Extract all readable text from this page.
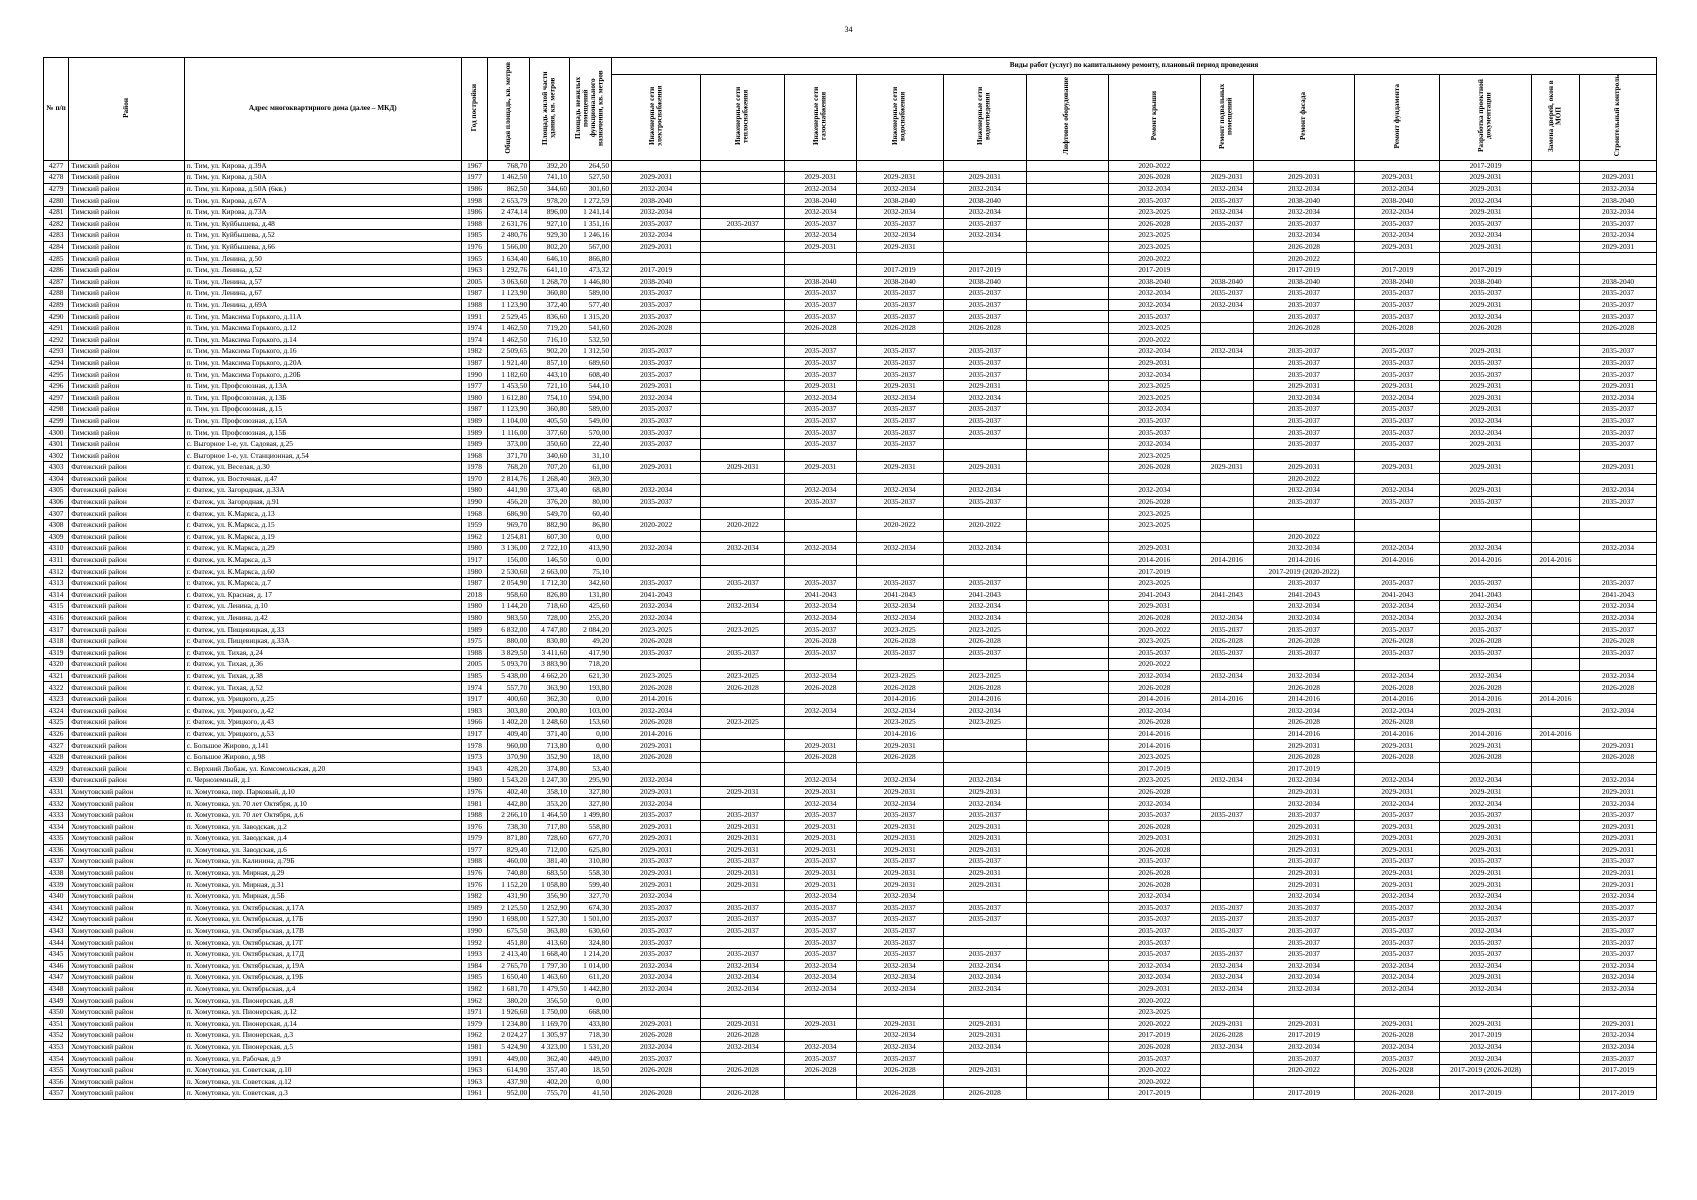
34
№ п/п	Район	Адрес многоквартирного дома (далее – МКД)	Год постройки	Общая площадь, кв. метров	Площадь жилой части здания, кв. метров	Площадь нежилых помещений функционального назначения, кв. метров	Виды работ (услуг) по капитальному ремонту, плановый период проведения												
							Инженерные сети электроснабжения	Инженерные сети теплоснабжения	Инженерные сети газоснабжения	Инженерные сети водоснабжения	Инженерные сети водоотведения	Лифтовое оборудование	Ремонт крыши	Ремонт подвальных помещений	Ремонт фасада	Ремонт фундамента	Разработка проектной документации	Замена дверей, окон в МОП	Строительный контроль
4277	Тимский район	п. Тим, ул. Кирова, д.39А	1967	768,70	392,20	264,50							2020-2022				2017-2019		
4278	Тимский район	п. Тим, ул. Кирова, д.50А	1977	1 462,50	741,10	527,50	2029-2031		2029-2031	2029-2031	2029-2031		2026-2028	2029-2031	2029-2031	2029-2031	2029-2031		2029-2031
4279	Тимский район	п. Тим, ул. Кирова, д.50А (6кв.)	1986	862,50	344,60	301,60	2032-2034		2032-2034	2032-2034	2032-2034		2032-2034	2032-2034	2032-2034	2032-2034	2029-2031		2032-2034
4280	Тимский район	п. Тим, ул. Кирова, д.67А	1998	2 653,79	978,20	1 272,59	2038-2040		2038-2040	2038-2040	2038-2040		2035-2037	2035-2037	2038-2040	2038-2040	2032-2034		2038-2040
4281	Тимский район	п. Тим, ул. Кирова, д.73А	1986	2 474,14	896,00	1 241,14	2032-2034		2032-2034	2032-2034	2032-2034		2023-2025	2032-2034	2032-2034	2032-2034	2029-2031		2032-2034
4282	Тимский район	п. Тим, ул. Куйбышева, д.48	1988	2 631,76	927,10	1 351,16	2035-2037	2035-2037	2035-2037	2035-2037	2035-2037		2026-2028	2035-2037	2035-2037	2035-2037	2035-2037		2035-2037
4283	Тимский район	п. Тим, ул. Куйбышева, д.52	1985	2 480,76	929,30	1 246,16	2032-2034		2032-2034	2032-2034	2032-2034		2023-2025		2032-2034	2032-2034	2032-2034		2032-2034
4284	Тимский район	п. Тим, ул. Куйбышева, д.66	1976	1 566,00	802,20	567,00	2029-2031		2029-2031	2029-2031			2023-2025		2026-2028	2029-2031	2029-2031		2029-2031
4285	Тимский район	п. Тим, ул. Ленина, д.50	1965	1 634,40	646,10	866,80							2020-2022		2020-2022				
4286	Тимский район	п. Тим, ул. Ленина, д.52	1963	1 292,76	641,10	473,32	2017-2019			2017-2019	2017-2019		2017-2019		2017-2019	2017-2019	2017-2019		
4287	Тимский район	п. Тим, ул. Ленина, д.57	2005	3 063,60	1 268,70	1 446,80	2038-2040		2038-2040	2038-2040	2038-2040		2038-2040	2038-2040	2038-2040	2038-2040	2038-2040		2038-2040
4288	Тимский район	п. Тим, ул. Ленина, д.67	1987	1 123,90	360,80	589,00	2035-2037		2035-2037	2035-2037	2035-2037		2032-2034	2035-2037	2035-2037	2035-2037	2035-2037		2035-2037
4289	Тимский район	п. Тим, ул. Ленина, д.69А	1988	1 123,90	372,40	577,40	2035-2037		2035-2037	2035-2037	2035-2037		2032-2034	2032-2034	2035-2037	2035-2037	2029-2031		2035-2037
4290	Тимский район	п. Тим, ул. Максима Горького, д.11А	1991	2 529,45	836,60	1 315,20	2035-2037		2035-2037	2035-2037	2035-2037		2035-2037		2035-2037	2035-2037	2032-2034		2035-2037
4291	Тимский район	п. Тим, ул. Максима Горького, д.12	1974	1 462,50	719,20	541,60	2026-2028		2026-2028	2026-2028	2026-2028		2023-2025		2026-2028	2026-2028	2026-2028		2026-2028
4292	Тимский район	п. Тим, ул. Максима Горького, д.14	1974	1 462,50	716,10	532,50							2020-2022						
4293	Тимский район	п. Тим, ул. Максима Горького, д.16	1982	2 509,65	902,20	1 312,50	2035-2037		2035-2037	2035-2037	2035-2037		2032-2034	2032-2034	2035-2037	2035-2037	2029-2031		2035-2037
4294	Тимский район	п. Тим, ул. Максима Горького, д.20А	1987	1 921,40	857,10	689,60	2035-2037		2035-2037	2035-2037	2035-2037		2029-2031		2035-2037	2035-2037	2035-2037		2035-2037
4295	Тимский район	п. Тим, ул. Максима Горького, д.20Б	1990	1 182,60	443,10	608,40	2035-2037		2035-2037	2035-2037	2035-2037		2032-2034		2035-2037	2035-2037	2035-2037		2035-2037
4296	Тимский район	п. Тим, ул. Профсоюзная, д.13А	1977	1 453,50	721,10	544,10	2029-2031		2029-2031	2029-2031	2029-2031		2023-2025		2029-2031	2029-2031	2029-2031		2029-2031
4297	Тимский район	п. Тим, ул. Профсоюзная, д.13Б	1980	1 612,80	754,10	594,00	2032-2034		2032-2034	2032-2034	2032-2034		2023-2025		2032-2034	2032-2034	2029-2031		2032-2034
4298	Тимский район	п. Тим, ул. Профсоюзная, д.15	1987	1 123,90	360,80	589,00	2035-2037		2035-2037	2035-2037	2035-2037		2032-2034		2035-2037	2035-2037	2029-2031		2035-2037
4299	Тимский район	п. Тим, ул. Профсоюзная, д.15А	1989	1 104,00	405,50	549,00	2035-2037		2035-2037	2035-2037	2035-2037		2035-2037		2035-2037	2035-2037	2032-2034		2035-2037
4300	Тимский район	п. Тим, ул. Профсоюзная, д.15Б	1989	1 116,00	377,60	570,00	2035-2037		2035-2037	2035-2037	2035-2037		2035-2037		2035-2037	2035-2037	2032-2034		2035-2037
4301	Тимский район	с. Выгорное 1-е, ул. Садовая, д.25	1989	373,00	350,60	22,40	2035-2037		2035-2037	2035-2037			2032-2034		2035-2037	2035-2037	2029-2031		2035-2037
4302	Тимский район	с. Выгорное 1-е, ул. Станционная, д.54	1968	371,70	340,60	31,10							2023-2025						
4303	Фатежский район	г. Фатеж, ул. Веселая, д.30	1978	768,20	707,20	61,00	2029-2031	2029-2031	2029-2031	2029-2031	2029-2031		2026-2028	2029-2031	2029-2031	2029-2031	2029-2031		2029-2031
4304	Фатежский район	г. Фатеж, ул. Восточная, д.47	1970	2 814,76	1 268,40	369,30									2020-2022				
4305	Фатежский район	г. Фатеж, ул. Загородная, д.33А	1980	441,90	373,40	68,80	2032-2034		2032-2034	2032-2034	2032-2034		2032-2034		2032-2034	2032-2034	2029-2031		2032-2034
4306	Фатежский район	г. Фатеж, ул. Загородная, д.91	1990	456,20	376,20	80,00	2035-2037		2035-2037	2035-2037	2035-2037		2026-2028		2035-2037	2035-2037	2035-2037		2035-2037
4307	Фатежский район	г. Фатеж, ул. К.Маркса, д.13	1968	686,90	549,70	60,40							2023-2025						
4308	Фатежский район	г. Фатеж, ул. К.Маркса, д.15	1959	969,70	882,90	86,80	2020-2022	2020-2022		2020-2022	2020-2022		2023-2025						
4309	Фатежский район	г. Фатеж, ул. К.Маркса, д.19	1962	1 254,81	607,30	0,00									2020-2022				
4310	Фатежский район	г. Фатеж, ул. К.Маркса, д.29	1980	3 136,00	2 722,10	413,90	2032-2034	2032-2034	2032-2034	2032-2034	2032-2034		2029-2031		2032-2034	2032-2034	2032-2034		2032-2034
4311	Фатежский район	г. Фатеж, ул. К.Маркса, д.3	1917	156,00	146,50	0,00							2014-2016	2014-2016	2014-2016	2014-2016	2014-2016	2014-2016	
4312	Фатежский район	г. Фатеж, ул. К.Маркса, д.60	1980	2 530,60	2 663,00	75,10							2017-2019		2017-2019 (2020-2022)				
4313	Фатежский район	г. Фатеж, ул. К.Маркса, д.7	1987	2 054,90	1 712,30	342,60	2035-2037	2035-2037	2035-2037	2035-2037	2035-2037		2023-2025		2035-2037	2035-2037	2035-2037		2035-2037
4314	Фатежский район	г. Фатеж, ул. Красная, д. 17	2018	958,60	826,80	131,80	2041-2043		2041-2043	2041-2043	2041-2043		2041-2043	2041-2043	2041-2043	2041-2043	2041-2043		2041-2043
4315	Фатежский район	г. Фатеж, ул. Ленина, д.10	1980	1 144,20	718,60	425,60	2032-2034	2032-2034	2032-2034	2032-2034	2032-2034		2029-2031		2032-2034	2032-2034	2032-2034		2032-2034
4316	Фатежский район	г. Фатеж, ул. Ленина, д.42	1980	983,50	728,00	255,20	2032-2034		2032-2034	2032-2034	2032-2034		2026-2028	2032-2034	2032-2034	2032-2034	2032-2034		2032-2034
4317	Фатежский район	г. Фатеж, ул. Пищевицкая, д.33	1989	6 832,00	4 747,80	2 084,20	2023-2025	2023-2025	2035-2037	2023-2025	2023-2025		2020-2022	2035-2037	2035-2037	2035-2037	2035-2037		2035-2037
4318	Фатежский район	г. Фатеж, ул. Пищевицкая, д.33А	1975	880,00	830,80	49,20	2026-2028		2026-2028	2026-2028	2026-2028		2023-2025	2026-2028	2026-2028	2026-2028	2026-2028		2026-2028
4319	Фатежский район	г. Фатеж, ул. Тихая, д.24	1988	3 829,50	3 411,60	417,90	2035-2037	2035-2037	2035-2037	2035-2037	2035-2037		2035-2037	2035-2037	2035-2037	2035-2037	2035-2037		2035-2037
4320	Фатежский район	г. Фатеж, ул. Тихая, д.36	2005	5 093,70	3 883,90	718,20							2020-2022						
4321	Фатежский район	г. Фатеж, ул. Тихая, д.38	1985	5 438,00	4 662,20	621,30	2023-2025	2023-2025	2032-2034	2023-2025	2023-2025		2032-2034	2032-2034	2032-2034	2032-2034	2032-2034		2032-2034
4322	Фатежский район	г. Фатеж, ул. Тихая, д.52	1974	557,70	363,90	193,80	2026-2028	2026-2028	2026-2028	2026-2028	2026-2028		2026-2028		2026-2028	2026-2028	2026-2028		2026-2028
4323	Фатежский район	г. Фатеж, ул. Урицкого, д.25	1917	400,60	362,30	0,00	2014-2016			2014-2016	2014-2016		2014-2016	2014-2016	2014-2016	2014-2016	2014-2016	2014-2016	
4324	Фатежский район	г. Фатеж, ул. Урицкого, д.42	1983	303,80	200,80	103,00	2032-2034		2032-2034	2032-2034	2032-2034		2032-2034		2032-2034	2032-2034	2029-2031		2032-2034
4325	Фатежский район	г. Фатеж, ул. Урицкого, д.43	1966	1 402,20	1 248,60	153,60	2026-2028	2023-2025		2023-2025	2023-2025		2026-2028		2026-2028	2026-2028			
4326	Фатежский район	г. Фатеж, ул. Урицкого, д.53	1917	409,40	371,40	0,00	2014-2016			2014-2016			2014-2016		2014-2016	2014-2016	2014-2016	2014-2016	
4327	Фатежский район	с. Большое Жирово, д.141	1978	960,00	713,80	0,00	2029-2031		2029-2031	2029-2031			2014-2016		2029-2031	2029-2031	2029-2031		2029-2031
4328	Фатежский район	с. Большое Жирово, д.98	1973	370,90	352,90	18,00	2026-2028		2026-2028	2026-2028			2023-2025		2026-2028	2026-2028	2026-2028		2026-2028
4329	Фатежский район	с. Верхний Любаж, ул. Комсомольская, д.20	1943	428,20	374,80	53,40							2017-2019		2017-2019				
4330	Фатежский район	п. Черноземный, д.1	1980	1 543,20	1 247,30	295,90	2032-2034		2032-2034	2032-2034	2032-2034		2023-2025	2032-2034	2032-2034	2032-2034	2032-2034		2032-2034
4331	Хомутовский район	п. Хомутовка, пер. Парковый, д.10	1976	402,40	358,10	327,80	2029-2031	2029-2031	2029-2031	2029-2031	2029-2031		2026-2028		2029-2031	2029-2031	2029-2031		2029-2031
4332	Хомутовский район	п. Хомутовка, ул. 70 лет Октября, д.10	1981	442,80	353,20	327,80	2032-2034		2032-2034	2032-2034	2032-2034		2032-2034		2032-2034	2032-2034	2032-2034		2032-2034
4333	Хомутовский район	п. Хомутовка, ул. 70 лет Октября, д.6	1988	2 266,10	1 464,50	1 499,80	2035-2037	2035-2037	2035-2037	2035-2037	2035-2037		2035-2037	2035-2037	2035-2037	2035-2037	2035-2037		2035-2037
4334	Хомутовский район	п. Хомутовка, ул. Заводская, д.2	1976	738,30	717,80	558,80	2029-2031	2029-2031	2029-2031	2029-2031	2029-2031		2026-2028		2029-2031	2029-2031	2029-2031		2029-2031
4335	Хомутовский район	п. Хомутовка, ул. Заводская, д.4	1979	871,80	728,60	677,70	2029-2031	2029-2031	2029-2031	2029-2031	2029-2031		2029-2031		2029-2031	2029-2031	2029-2031		2029-2031
4336	Хомутовский район	п. Хомутовка, ул. Заводская, д.6	1977	829,40	712,00	625,80	2029-2031	2029-2031	2029-2031	2029-2031	2029-2031		2026-2028		2029-2031	2029-2031	2029-2031		2029-2031
4337	Хомутовский район	п. Хомутовка, ул. Калинина, д.79Б	1988	460,00	381,40	310,80	2035-2037	2035-2037	2035-2037	2035-2037	2035-2037		2035-2037		2035-2037	2035-2037	2035-2037		2035-2037
4338	Хомутовский район	п. Хомутовка, ул. Мирная, д.29	1976	740,80	683,50	558,30	2029-2031	2029-2031	2029-2031	2029-2031	2029-2031		2026-2028		2029-2031	2029-2031	2029-2031		2029-2031
4339	Хомутовский район	п. Хомутовка, ул. Мирная, д.31	1976	1 152,20	1 058,80	599,40	2029-2031	2029-2031	2029-2031	2029-2031	2029-2031		2026-2028		2029-2031	2029-2031	2029-2031		2029-2031
4340	Хомутовский район	п. Хомутовка, ул. Мирная, д.5Б	1982	431,90	356,90	327,70	2032-2034		2032-2034	2032-2034			2032-2034		2032-2034	2032-2034	2032-2034		2032-2034
4341	Хомутовский район	п. Хомутовка, ул. Октябрьская, д.17А	1989	2 125,50	1 252,90	674,30	2035-2037	2035-2037	2035-2037	2035-2037	2035-2037		2035-2037	2035-2037	2035-2037	2035-2037	2032-2034		2035-2037
4342	Хомутовский район	п. Хомутовка, ул. Октябрьская, д.17Б	1990	1 698,00	1 527,30	1 501,00	2035-2037	2035-2037	2035-2037	2035-2037	2035-2037		2035-2037	2035-2037	2035-2037	2035-2037	2035-2037		2035-2037
4343	Хомутовский район	п. Хомутовка, ул. Октябрьская, д.17В	1990	675,50	363,80	630,60	2035-2037	2035-2037	2035-2037	2035-2037			2035-2037	2035-2037	2035-2037	2035-2037	2032-2034		2035-2037
4344	Хомутовский район	п. Хомутовка, ул. Октябрьская, д.17Г	1992	451,80	413,60	324,80	2035-2037		2035-2037	2035-2037			2035-2037		2035-2037	2035-2037	2035-2037		2035-2037
4345	Хомутовский район	п. Хомутовка, ул. Октябрьская, д.17Д	1993	2 413,40	1 668,40	1 214,20	2035-2037	2035-2037	2035-2037	2035-2037	2035-2037		2035-2037	2035-2037	2035-2037	2035-2037	2035-2037		2035-2037
4346	Хомутовский район	п. Хомутовка, ул. Октябрьская, д.19А	1984	2 765,70	1 797,30	1 014,00	2032-2034	2032-2034	2032-2034	2032-2034	2032-2034		2032-2034	2032-2034	2032-2034	2032-2034	2032-2034		2032-2034
4347	Хомутовский район	п. Хомутовка, ул. Октябрьская, д.19Б	1985	1 650,40	1 463,60	611,20	2032-2034	2032-2034	2032-2034	2032-2034	2032-2034		2032-2034	2032-2034	2032-2034	2032-2034	2029-2031		2032-2034
4348	Хомутовский район	п. Хомутовка, ул. Октябрьская, д.4	1982	1 681,70	1 479,50	1 442,80	2032-2034	2032-2034	2032-2034	2032-2034	2032-2034		2029-2031	2032-2034	2032-2034	2032-2034	2032-2034		2032-2034
4349	Хомутовский район	п. Хомутовка, ул. Пионерская, д.8	1962	380,20	356,50	0,00							2020-2022						
4350	Хомутовский район	п. Хомутовка, ул. Пионерская, д.12	1971	1 926,60	1 750,00	668,00							2023-2025						
4351	Хомутовский район	п. Хомутовка, ул. Пионерская, д.14	1979	1 234,80	1 169,70	433,80	2029-2031	2029-2031	2029-2031	2029-2031	2029-2031		2020-2022	2029-2031	2029-2031	2029-2031	2029-2031		2029-2031
4352	Хомутовский район	п. Хомутовка, ул. Пионерская, д.3	1962	2 024,27	1 305,97	718,30	2026-2028	2026-2028		2032-2034	2029-2031		2017-2019	2026-2028	2017-2019	2026-2028	2017-2019		2032-2034
4353	Хомутовский район	п. Хомутовка, ул. Пионерская, д.5	1981	5 424,90	4 323,00	1 531,20	2032-2034	2032-2034	2032-2034	2032-2034	2032-2034		2026-2028	2032-2034	2032-2034	2032-2034	2032-2034		2032-2034
4354	Хомутовский район	п. Хомутовка, ул. Рабочая, д.9	1991	449,00	362,40	449,00	2035-2037		2035-2037	2035-2037			2035-2037		2035-2037	2035-2037	2032-2034		2035-2037
4355	Хомутовский район	п. Хомутовка, ул. Советская, д.10	1963	614,90	357,40	18,50	2026-2028	2026-2028	2026-2028	2026-2028	2029-2031		2020-2022		2020-2022	2026-2028	2017-2019 (2026-2028)		2017-2019
4356	Хомутовский район	п. Хомутовка, ул. Советская, д.12	1963	437,90	402,20	0,00							2020-2022						
4357	Хомутовский район	п. Хомутовка, ул. Советская, д.3	1961	952,00	755,70	41,50	2026-2028	2026-2028		2026-2028	2026-2028		2017-2019		2017-2019	2026-2028	2017-2019		2017-2019
